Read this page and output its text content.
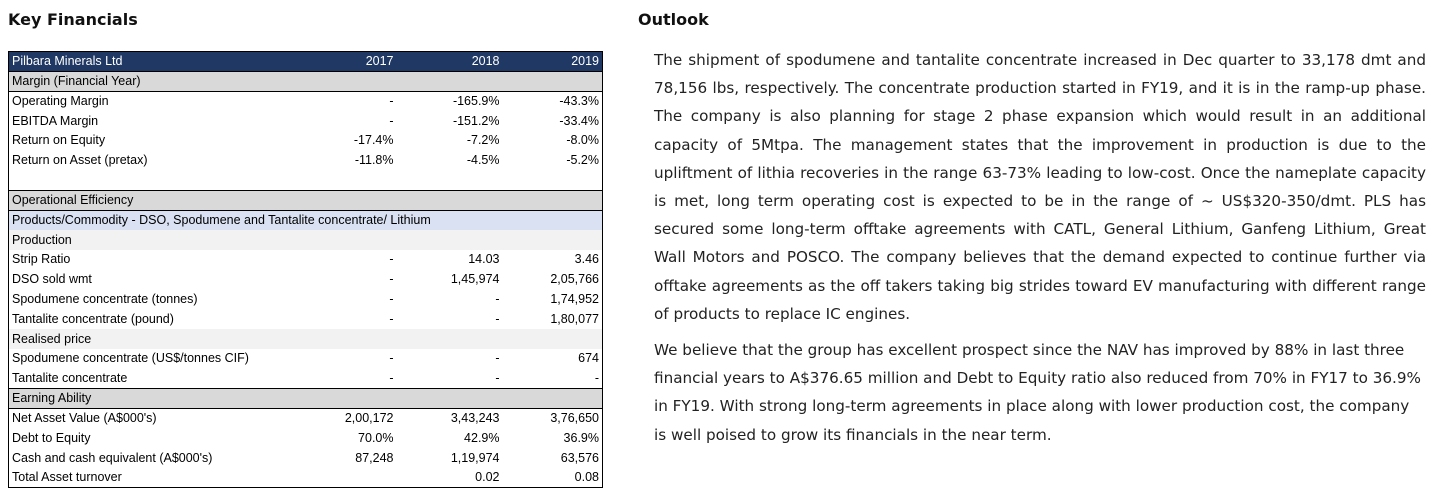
Key Financials	Outlook
Pilbara Minerals Ltd	2017	2018	2019
Margin (Financial Year)			
Operating Margin	-	-165.9%	-43.3%
EBITDA Margin	-	-151.2%	-33.4%
Return on Equity	-17.4%	-7.2%	-8.0%
Return on Asset (pretax)	-11.8%	-4.5%	-5.2%

Operational Efficiency			
Products/Commodity - DSO, Spodumene and Tantalite concentrate/ Lithium			
Production			
Strip Ratio	-	14.03	3.46
DSO sold wmt	-	1,45,974	2,05,766
Spodumene concentrate (tonnes)	-	-	1,74,952
Tantalite concentrate (pound)	-	-	1,80,077
Realised price			
Spodumene concentrate (US$/tonnes CIF)	-	-	674
Tantalite concentrate	-	-	-
Earning Ability			
Net Asset Value (A$000's)	2,00,172	3,43,243	3,76,650
Debt to Equity	70.0%	42.9%	36.9%
Cash and cash equivalent (A$000's)	87,248	1,19,974	63,576
Total Asset turnover		0.02	0.08

The shipment of spodumene and tantalite concentrate increased in Dec quarter to 33,178 dmt and 78,156 lbs, respectively. The concentrate production started in FY19, and it is in the ramp-up phase. The company is also planning for stage 2 phase expansion which would result in an additional capacity of 5Mtpa. The management states that the improvement in production is due to the upliftment of lithia recoveries in the range 63-73% leading to low-cost. Once the nameplate capacity is met, long term operating cost is expected to be in the range of ~ US$320-350/dmt. PLS has secured some long-term offtake agreements with CATL, General Lithium, Ganfeng Lithium, Great Wall Motors and POSCO. The company believes that the demand expected to continue further via offtake agreements as the off takers taking big strides toward EV manufacturing with different range of products to replace IC engines.

We believe that the group has excellent prospect since the NAV has improved by 88% in last three financial years to A$376.65 million and Debt to Equity ratio also reduced from 70% in FY17 to 36.9% in FY19. With strong long-term agreements in place along with lower production cost, the company is well poised to grow its financials in the near term.
